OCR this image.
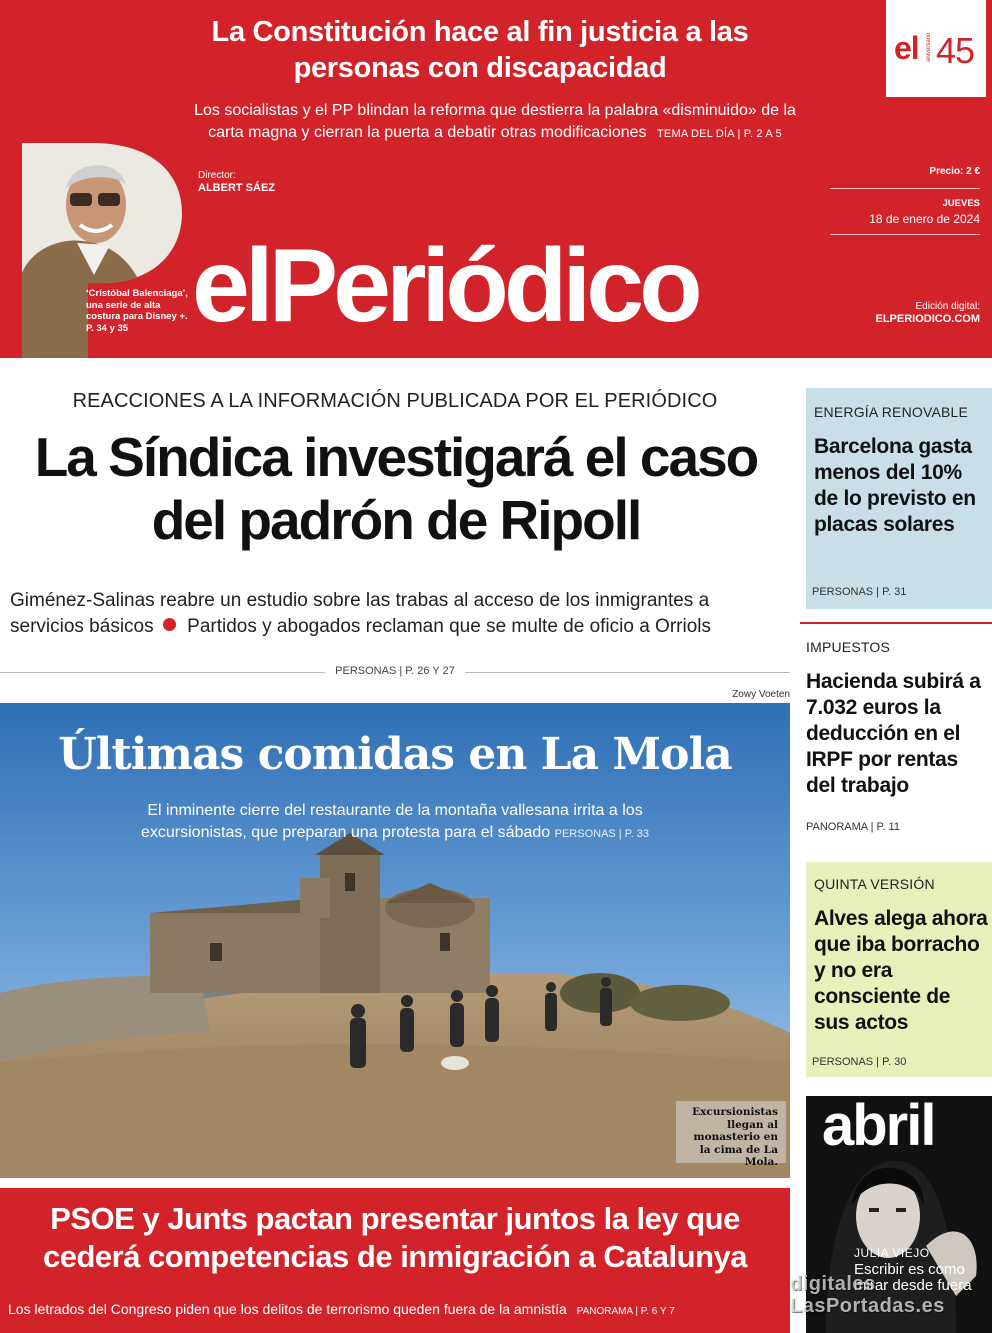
La Constitución hace al fin justicia a las personas con discapacidad

Los socialistas y el PP blindan la reforma que destierra la palabra «disminuido» de la carta magna y cierran la puerta a debatir otras modificaciones TEMA DEL DÍA | P. 2 A 5

el aniversario 45

‘Cristóbal Balenciaga’, una serie de alta costura para Disney +. P. 34 y 35

Director:
ALBERT SÁEZ
Precio: 2 €
JUEVES
18 de enero de 2024
elPeriódico	Edición digital:
ELPERIODICO.COM

REACCIONES A LA INFORMACIÓN PUBLICADA POR EL PERIÓDICO

La Síndica investigará el caso del padrón de Ripoll

Giménez-Salinas reabre un estudio sobre las trabas al acceso de los inmigrantes a servicios básicos Partidos y abogados reclaman que se multe de oficio a Orriols

PERSONAS | P. 26 Y 27
Zowy Voeten
Últimas comidas en La Mola

El inminente cierre del restaurante de la montaña vallesana irrita a los excursionistas, que preparan una protesta para el sábado PERSONAS | P. 33

Excursionistas llegan al monasterio en la cima de La Mola.

PSOE y Junts pactan presentar juntos la ley que cederá competencias de inmigración a Catalunya

Los letrados del Congreso piden que los delitos de terrorismo queden fuera de la amnistía PANORAMA | P. 6 Y 7

ENERGÍA RENOVABLE
Barcelona gasta menos del 10% de lo previsto en placas solares
PERSONAS | P. 31
IMPUESTOS
Hacienda subirá a 7.032 euros la deducción en el IRPF por rentas del trabajo
PANORAMA | P. 11
QUINTA VERSIÓN
Alves alega ahora que iba borracho y no era consciente de sus actos
PERSONAS | P. 30
abril
JULIA VIEJO
Escribir es como mirar desde fuera
digitales
LasPortadas.es
